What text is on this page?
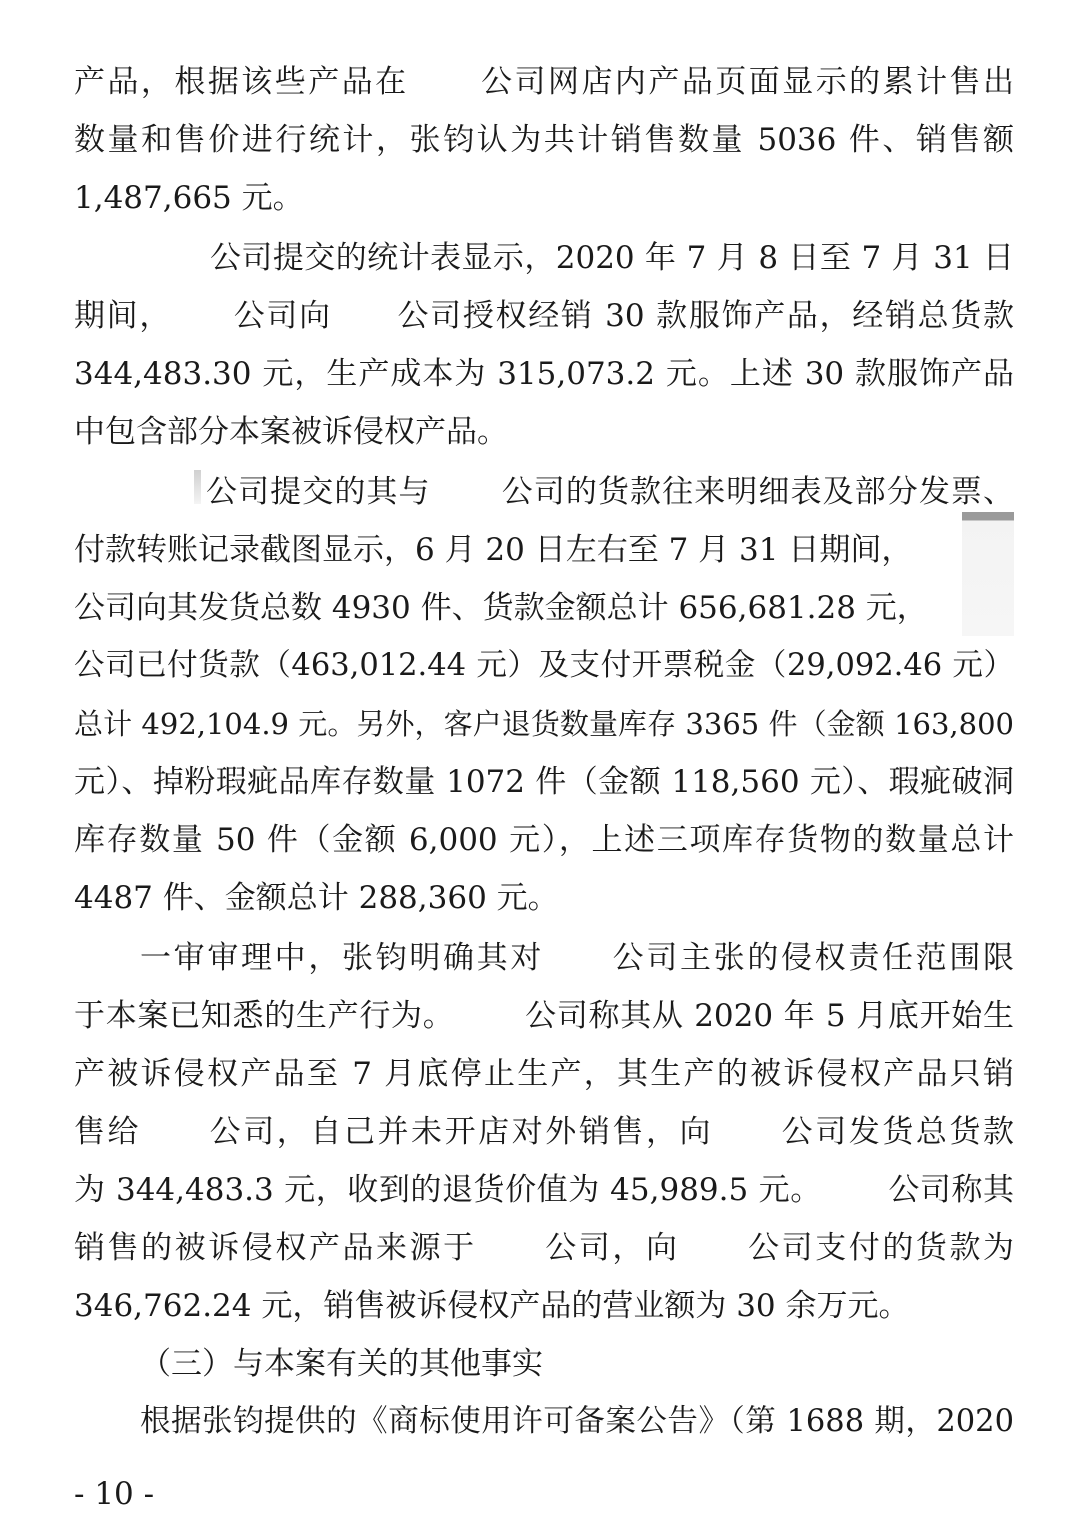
产品，根据该些产品在 公司网店内产品页面显示的累计售出
数量和售价进行统计，张钧认为共计销售数量 5036 件、销售额
1,487,665 元。
公司提交的统计表显示，2020 年 7 月 8 日至 7 月 31 日
期间， 公司向 公司授权经销 30 款服饰产品，经销总货款
344,483.30 元，生产成本为 315,073.2 元。上述 30 款服饰产品
中包含部分本案被诉侵权产品。
公司提交的其与 公司的货款往来明细表及部分发票、
付款转账记录截图显示，6 月 20 日左右至 7 月 31 日期间，
公司向其发货总数 4930 件、货款金额总计 656,681.28 元，
公司已付货款（463,012.44 元）及支付开票税金（29,092.46 元）
总计 492,104.9 元。另外，客户退货数量库存 3365 件（金额 163,800
元）、掉粉瑕疵品库存数量 1072 件（金额 118,560 元）、瑕疵破洞
库存数量 50 件（金额 6,000 元），上述三项库存货物的数量总计
4487 件、金额总计 288,360 元。
一审审理中，张钧明确其对 公司主张的侵权责任范围限
于本案已知悉的生产行为。 公司称其从 2020 年 5 月底开始生
产被诉侵权产品至 7 月底停止生产，其生产的被诉侵权产品只销
售给 公司，自己并未开店对外销售，向 公司发货总货款
为 344,483.3 元，收到的退货价值为 45,989.5 元。 公司称其
销售的被诉侵权产品来源于 公司，向 公司支付的货款为
346,762.24 元，销售被诉侵权产品的营业额为 30 余万元。
（三）与本案有关的其他事实
根据张钧提供的《商标使用许可备案公告》（第 1688 期，2020
- 10 -
